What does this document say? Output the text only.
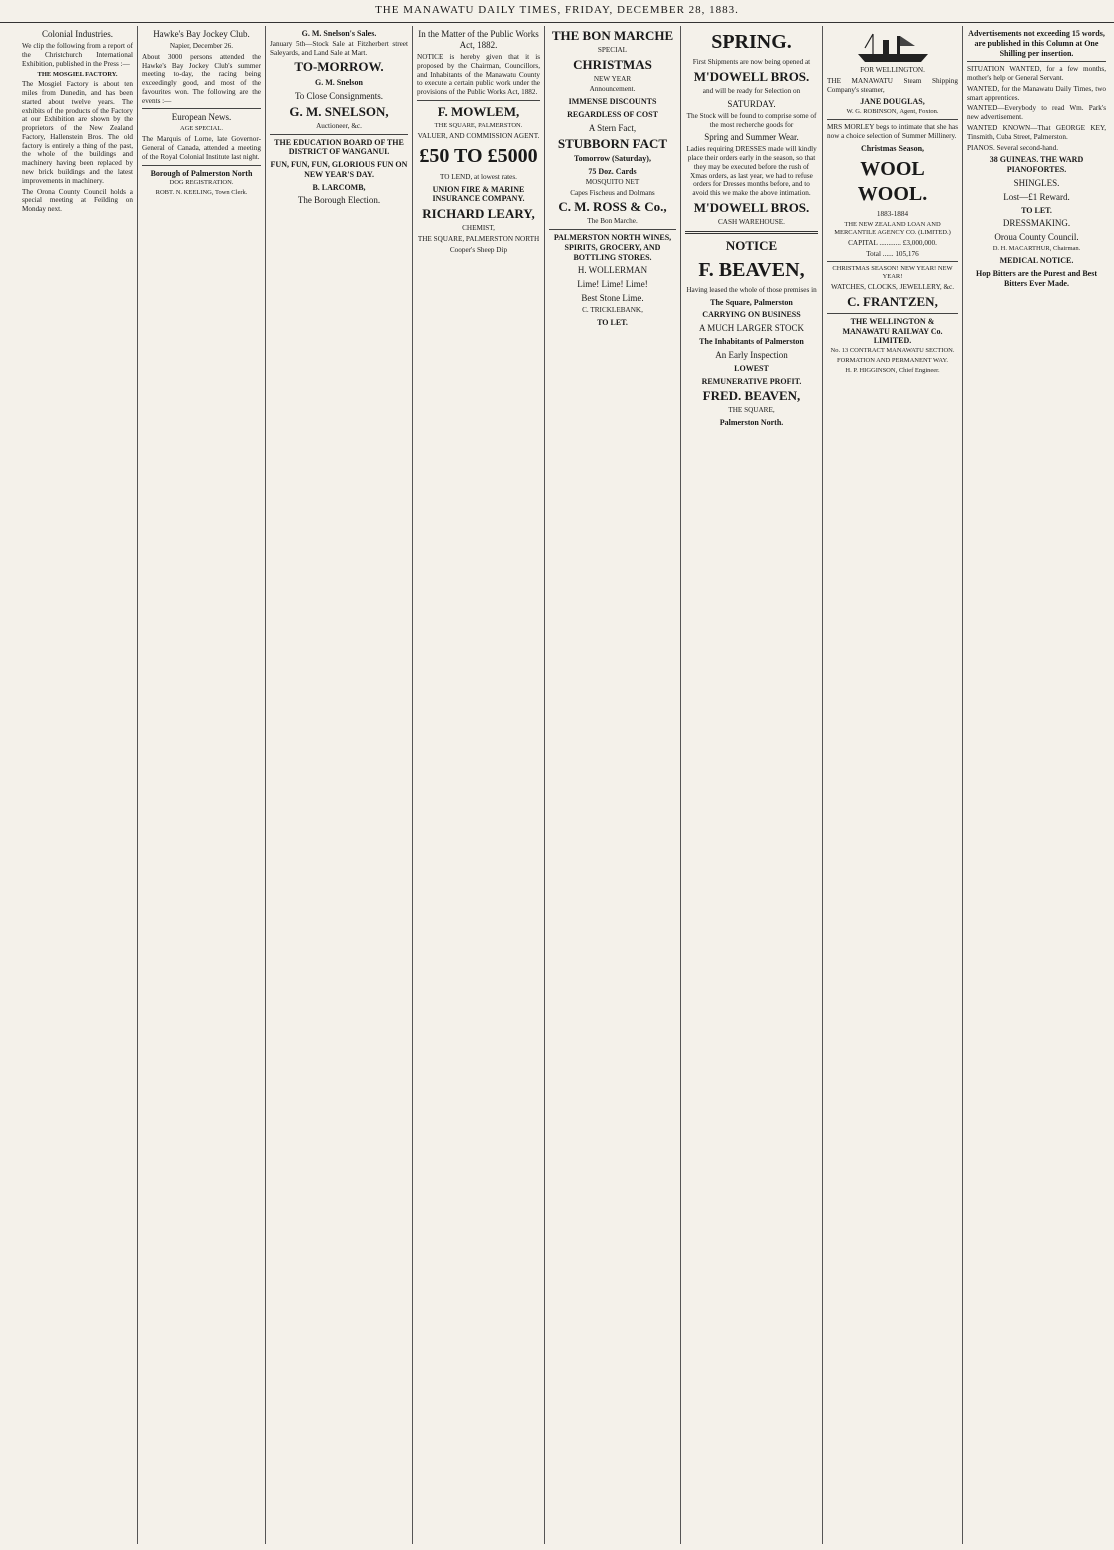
THE MANAWATU DAILY TIMES, FRIDAY, DECEMBER 28, 1883.
Colonial Industries.

We clip the following from a report of the Christchurch International Exhibition, published in the Press :—

THE MOSGIEL FACTORY.

The Mosgiel Factory is about ten miles from Dunedin, and has been started about twelve years. The exhibits of the products of the Factory at our Exhibition are shown by the proprietors of the New Zealand Factory, Hallenstein Bros. The old factory is entirely a thing of the past, the whole of the buildings and machinery having been replaced by new brick buildings and the latest improvements in machinery.

The Orona County Council holds a special meeting at Feilding on Monday next.

Hawke's Bay Jockey Club.

Napier, December 26.

About 3000 persons attended the Hawke's Bay Jockey Club's summer meeting to-day, the racing being exceedingly good, and most of the favourites won. The following are the events :—

European News.

AGE SPECIAL.

The Marquis of Lorne, late Governor-General of Canada, attended a meeting of the Royal Colonial Institute last night.

Borough of Palmerston North

DOG REGISTRATION.

ROBT. N. KEELING, Town Clerk.

G. M. Snelson's Sales.

January 5th—Stock Sale at Fitzherbert street Saleyards, and Land Sale at Mart.

TO-MORROW.
G. M. Snelson
To Close Consignments.
G. M. SNELSON,

Auctioneer, &c.

THE EDUCATION BOARD OF THE DISTRICT OF WANGANUI.
FUN, FUN, FUN, GLORIOUS FUN ON NEW YEAR'S DAY.
B. LARCOMB,
The Borough Election.
In the Matter of the Public Works Act, 1882.

NOTICE is hereby given that it is proposed by the Chairman, Councillors, and Inhabitants of the Manawatu County to execute a certain public work under the provisions of the Public Works Act, 1882.

F. MOWLEM,

THE SQUARE, PALMERSTON.

VALUER, AND COMMISSION AGENT.

£50 TO £5000

TO LEND, at lowest rates.

UNION FIRE & MARINE INSURANCE COMPANY.
RICHARD LEARY,

CHEMIST,

THE SQUARE, PALMERSTON NORTH

Cooper's Sheep Dip

THE BON MARCHE

SPECIAL

CHRISTMAS

NEW YEAR

Announcement.

IMMENSE DISCOUNTS
REGARDLESS OF COST
A Stern Fact,
STUBBORN FACT
Tomorrow (Saturday),
75 Doz. Cards

MOSQUITO NET

Capes Fischeus and Dolmans

C. M. ROSS & Co.,

The Bon Marche.

PALMERSTON NORTH WINES, SPIRITS, GROCERY, AND BOTTLING STORES.
H. WOLLERMAN
Lime! Lime! Lime!
Best Stone Lime.

C. TRICKLEBANK,

TO LET.
SPRING.

First Shipments are now being opened at

M'DOWELL BROS.

and will be ready for Selection on

SATURDAY.

The Stock will be found to comprise some of the most recherche goods for

Spring and Summer Wear.

Ladies requiring DRESSES made will kindly place their orders early in the season, so that they may be executed before the rush of Xmas orders, as last year, we had to refuse orders for Dresses months before, and to avoid this we make the above intimation.

M'DOWELL BROS.

CASH WAREHOUSE.

NOTICE
F. BEAVEN,

Having leased the whole of those premises in

The Square, Palmerston
CARRYING ON BUSINESS
A MUCH LARGER STOCK
The Inhabitants of Palmerston
An Early Inspection
LOWEST
REMUNERATIVE PROFIT.
FRED. BEAVEN,

THE SQUARE,

Palmerston North.

FOR WELLINGTON.

THE MANAWATU Steam Shipping Company's steamer,

JANE DOUGLAS,

W. G. ROBINSON, Agent, Foxton.

MRS MORLEY begs to intimate that she has now a choice selection of Summer Millinery.

Christmas Season,
WOOL WOOL.

1883-1884

THE NEW ZEALAND LOAN AND MERCANTILE AGENCY CO. (LIMITED.)

CAPITAL ............ £3,000,000.

Total ...... 105,176

CHRISTMAS SEASON! NEW YEAR! NEW YEAR!

WATCHES, CLOCKS, JEWELLERY, &c.

C. FRANTZEN,
THE WELLINGTON & MANAWATU RAILWAY Co. LIMITED.

No. 13 CONTRACT MANAWATU SECTION.

FORMATION AND PERMANENT WAY.

H. P. HIGGINSON, Chief Engineer.

Advertisements not exceeding 15 words, are published in this Column at One Shilling per insertion.

SITUATION WANTED, for a few months, mother's help or General Servant.

WANTED, for the Manawatu Daily Times, two smart apprentices.

WANTED—Everybody to read Wm. Park's new advertisement.

WANTED KNOWN—That GEORGE KEY, Tinsmith, Cuba Street, Palmerston.

PIANOS. Several second-hand.

38 GUINEAS. THE WARD PIANOFORTES.
SHINGLES.
Lost—£1 Reward.
TO LET.
DRESSMAKING.
Oroua County Council.

D. H. MACARTHUR, Chairman.

MEDICAL NOTICE.
Hop Bitters are the Purest and Best Bitters Ever Made.
